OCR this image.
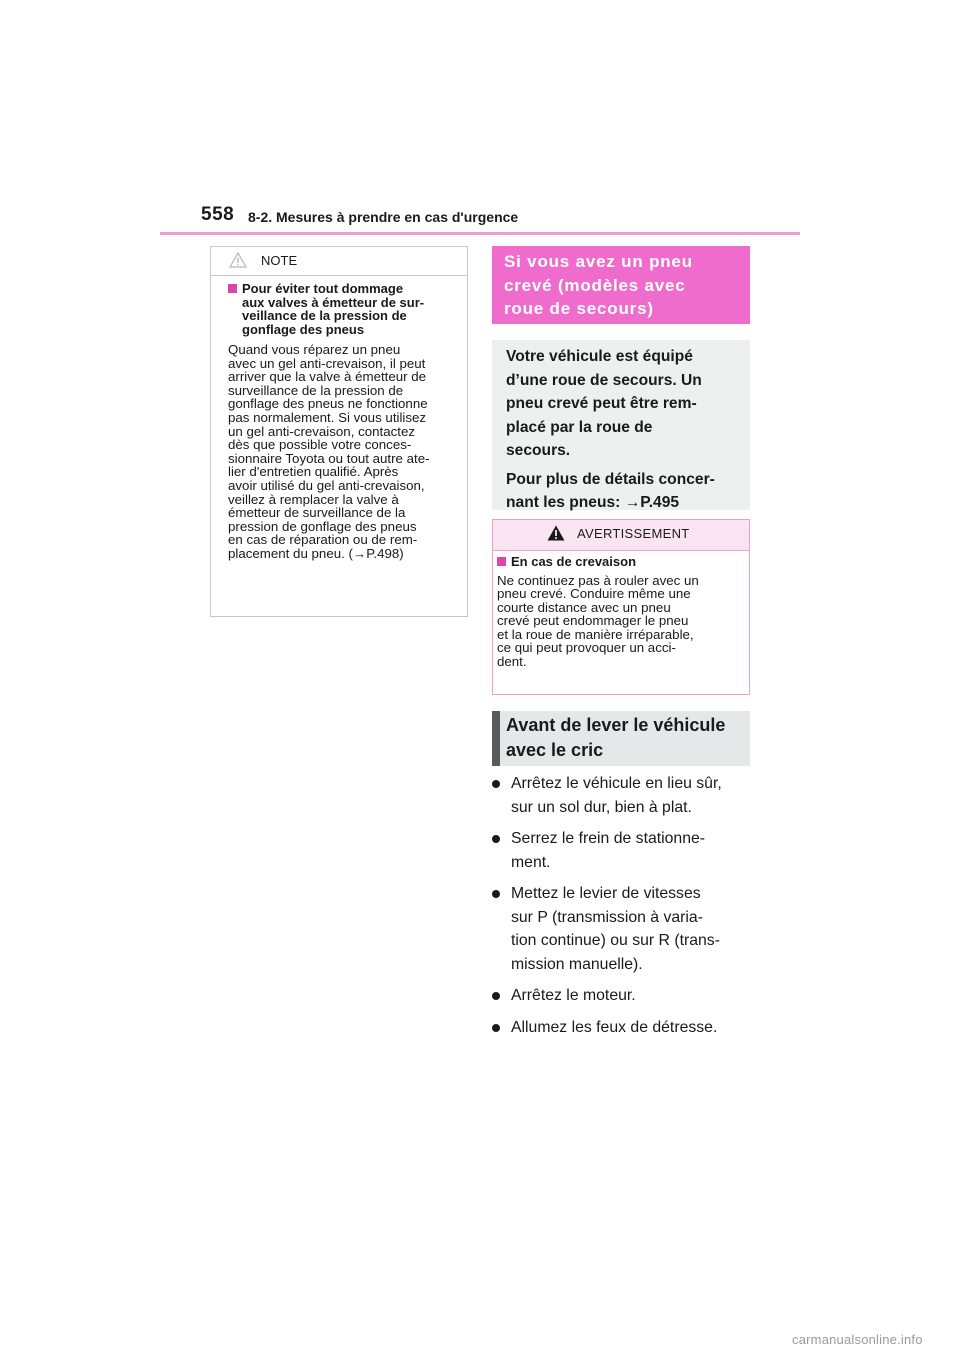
558 8-2. Mesures à prendre en cas d'urgence
NOTE
Pour éviter tout dommage
aux valves à émetteur de sur-
veillance de la pression de
gonflage des pneus
Quand vous réparez un pneu
avec un gel anti-crevaison, il peut
arriver que la valve à émetteur de
surveillance de la pression de
gonflage des pneus ne fonctionne
pas normalement. Si vous utilisez
un gel anti-crevaison, contactez
dès que possible votre conces-
sionnaire Toyota ou tout autre ate-
lier d'entretien qualifié. Après
avoir utilisé du gel anti-crevaison,
veillez à remplacer la valve à
émetteur de surveillance de la
pression de gonflage des pneus
en cas de réparation ou de rem-
placement du pneu. (→P.498)
Si vous avez un pneu
crevé (modèles avec
roue de secours)

Votre véhicule est équipé
d’une roue de secours. Un
pneu crevé peut être rem-
placé par la roue de
secours.

Pour plus de détails concer-
nant les pneus: →P.495

AVERTISSEMENT
En cas de crevaison
Ne continuez pas à rouler avec un
pneu crevé. Conduire même une
courte distance avec un pneu
crevé peut endommager le pneu
et la roue de manière irréparable,
ce qui peut provoquer un acci-
dent.
Avant de lever le véhicule
avec le cric
Arrêtez le véhicule en lieu sûr,
sur un sol dur, bien à plat.
Serrez le frein de stationne-
ment.
Mettez le levier de vitesses
sur P (transmission à varia-
tion continue) ou sur R (trans-
mission manuelle).
Arrêtez le moteur.
Allumez les feux de détresse.
carmanualsonline.info
